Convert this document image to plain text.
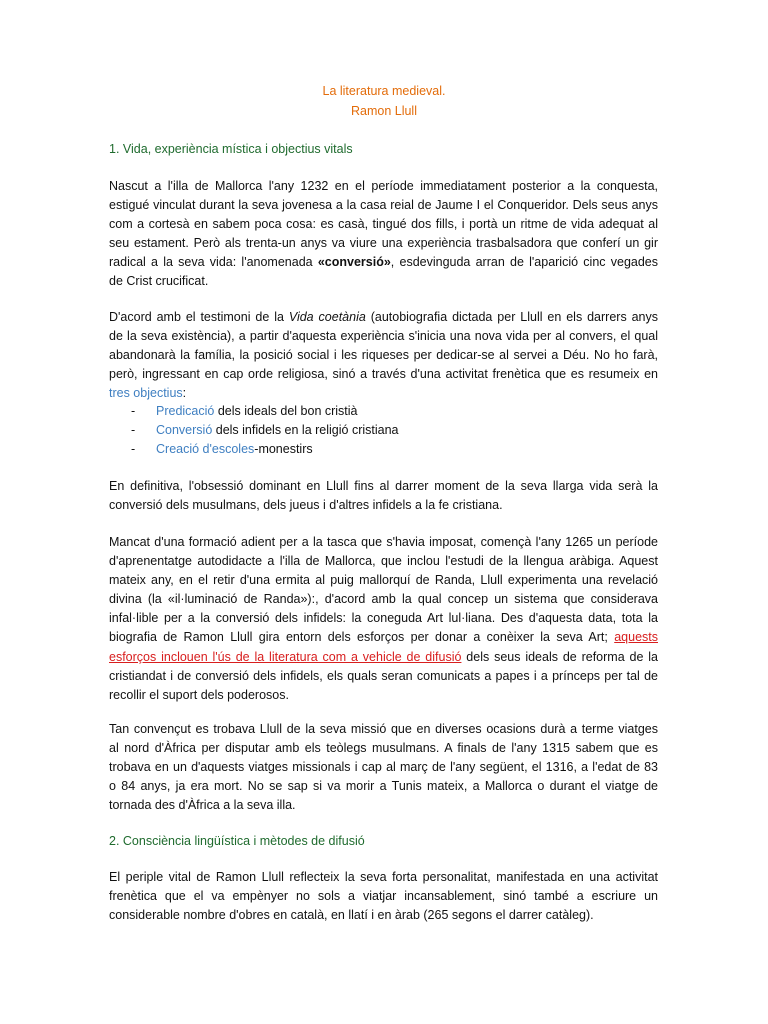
La literatura medieval.
Ramon Llull
1. Vida, experiència mística i objectius vitals
Nascut a l'illa de Mallorca l'any 1232 en el període immediatament posterior a la conquesta,
estigué vinculat durant la seva jovenesa a la casa reial de Jaume I el Conqueridor. Dels seus anys
com a cortesà en sabem poca cosa: es casà, tingué dos fills, i portà un ritme de vida adequat al
seu estament. Però als trenta-un anys va viure una experiència trasbalsadora que conferí un gir
radical a la seva vida: l'anomenada «conversió», esdevinguda arran de l'aparició cinc vegades
de Crist crucificat.
D'acord amb el testimoni de la Vida coetània (autobiografia dictada per Llull en els darrers anys
de la seva existència), a partir d'aquesta experiència s'inicia una nova vida per al convers, el qual
abandonarà la família, la posició social i les riqueses per dedicar-se al servei a Déu. No ho farà,
però, ingressant en cap orde religiosa, sinó a través d'una activitat frenètica que es resumeix en
tres objectius:
- Predicació dels ideals del bon cristià
- Conversió dels infidels en la religió cristiana
- Creació d'escoles-monestirs
En definitiva, l'obsessió dominant en Llull fins al darrer moment de la seva llarga vida serà la
conversió dels musulmans, dels jueus i d'altres infidels a la fe cristiana.
Mancat d'una formació adient per a la tasca que s'havia imposat, començà l'any 1265 un període
d'aprenentatge autodidacte a l'illa de Mallorca, que inclou l'estudi de la llengua aràbiga. Aquest
mateix any, en el retir d'una ermita al puig mallorquí de Randa, Llull experimenta una revelació
divina (la «il·luminació de Randa»):, d'acord amb la qual concep un sistema que considerava
infal·lible per a la conversió dels infidels: la coneguda Art lul·liana. Des d'aquesta data, tota la
biografia de Ramon Llull gira entorn dels esforços per donar a conèixer la seva Art; aquests
esforços inclouen l'ús de la literatura com a vehicle de difusió dels seus ideals de reforma de la
cristiandat i de conversió dels infidels, els quals seran comunicats a papes i a prínceps per tal de
recollir el suport dels poderosos.
Tan convençut es trobava Llull de la seva missió que en diverses ocasions durà a terme viatges
al nord d'Àfrica per disputar amb els teòlegs musulmans. A finals de l'any 1315 sabem que es
trobava en un d'aquests viatges missionals i cap al març de l'any següent, el 1316, a l'edat de 83
o 84 anys, ja era mort. No se sap si va morir a Tunis mateix, a Mallorca o durant el viatge de
tornada des d'Àfrica a la seva illa.
2. Consciència lingüística i mètodes de difusió
El periple vital de Ramon Llull reflecteix la seva forta personalitat, manifestada en una activitat
frenètica que el va empènyer no sols a viatjar incansablement, sinó també a escriure un
considerable nombre d'obres en català, en llatí i en àrab (265 segons el darrer catàleg).
